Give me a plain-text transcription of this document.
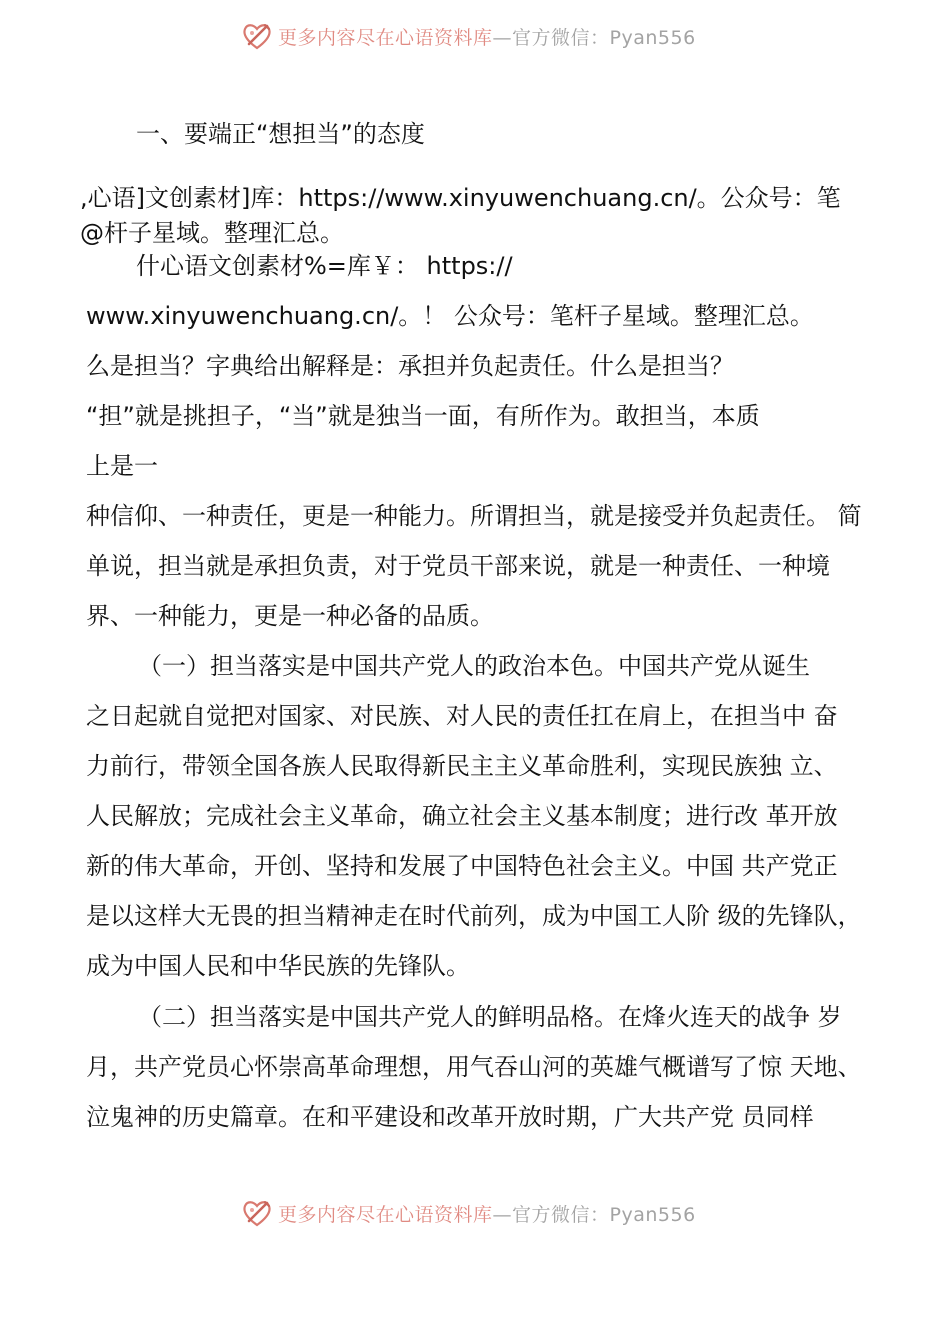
更多内容尽在心语资料库—官方微信：Pyan556
一、要端正“想担当”的态度
,心语]文创素材]库：https://www.xinyuwenchuang.cn/。公众号：笔
@杆子星域。整理汇总。
什心语文创素材%=库￥： https://
www.xinyuwenchuang.cn/。！ 公众号：笔杆子星域。整理汇总。
么是担当？字典给出解释是：承担并负起责任。什么是担当？
“担”就是挑担子，“当”就是独当一面，有所作为。敢担当，本质
上是一
种信仰、一种责任，更是一种能力。所谓担当，就是接受并负起责任。 简
单说，担当就是承担负责，对于党员干部来说，就是一种责任、一种境
界、一种能力，更是一种必备的品质。
（一）担当落实是中国共产党人的政治本色。中国共产党从诞生
之日起就自觉把对国家、对民族、对人民的责任扛在肩上，在担当中 奋
力前行，带领全国各族人民取得新民主主义革命胜利，实现民族独 立、
人民解放；完成社会主义革命，确立社会主义基本制度；进行改 革开放
新的伟大革命，开创、坚持和发展了中国特色社会主义。中国 共产党正
是以这样大无畏的担当精神走在时代前列，成为中国工人阶 级的先锋队，
成为中国人民和中华民族的先锋队。
（二）担当落实是中国共产党人的鲜明品格。在烽火连天的战争 岁
月，共产党员心怀崇高革命理想，用气吞山河的英雄气概谱写了惊 天地、
泣鬼神的历史篇章。在和平建设和改革开放时期，广大共产党 员同样
更多内容尽在心语资料库—官方微信：Pyan556
